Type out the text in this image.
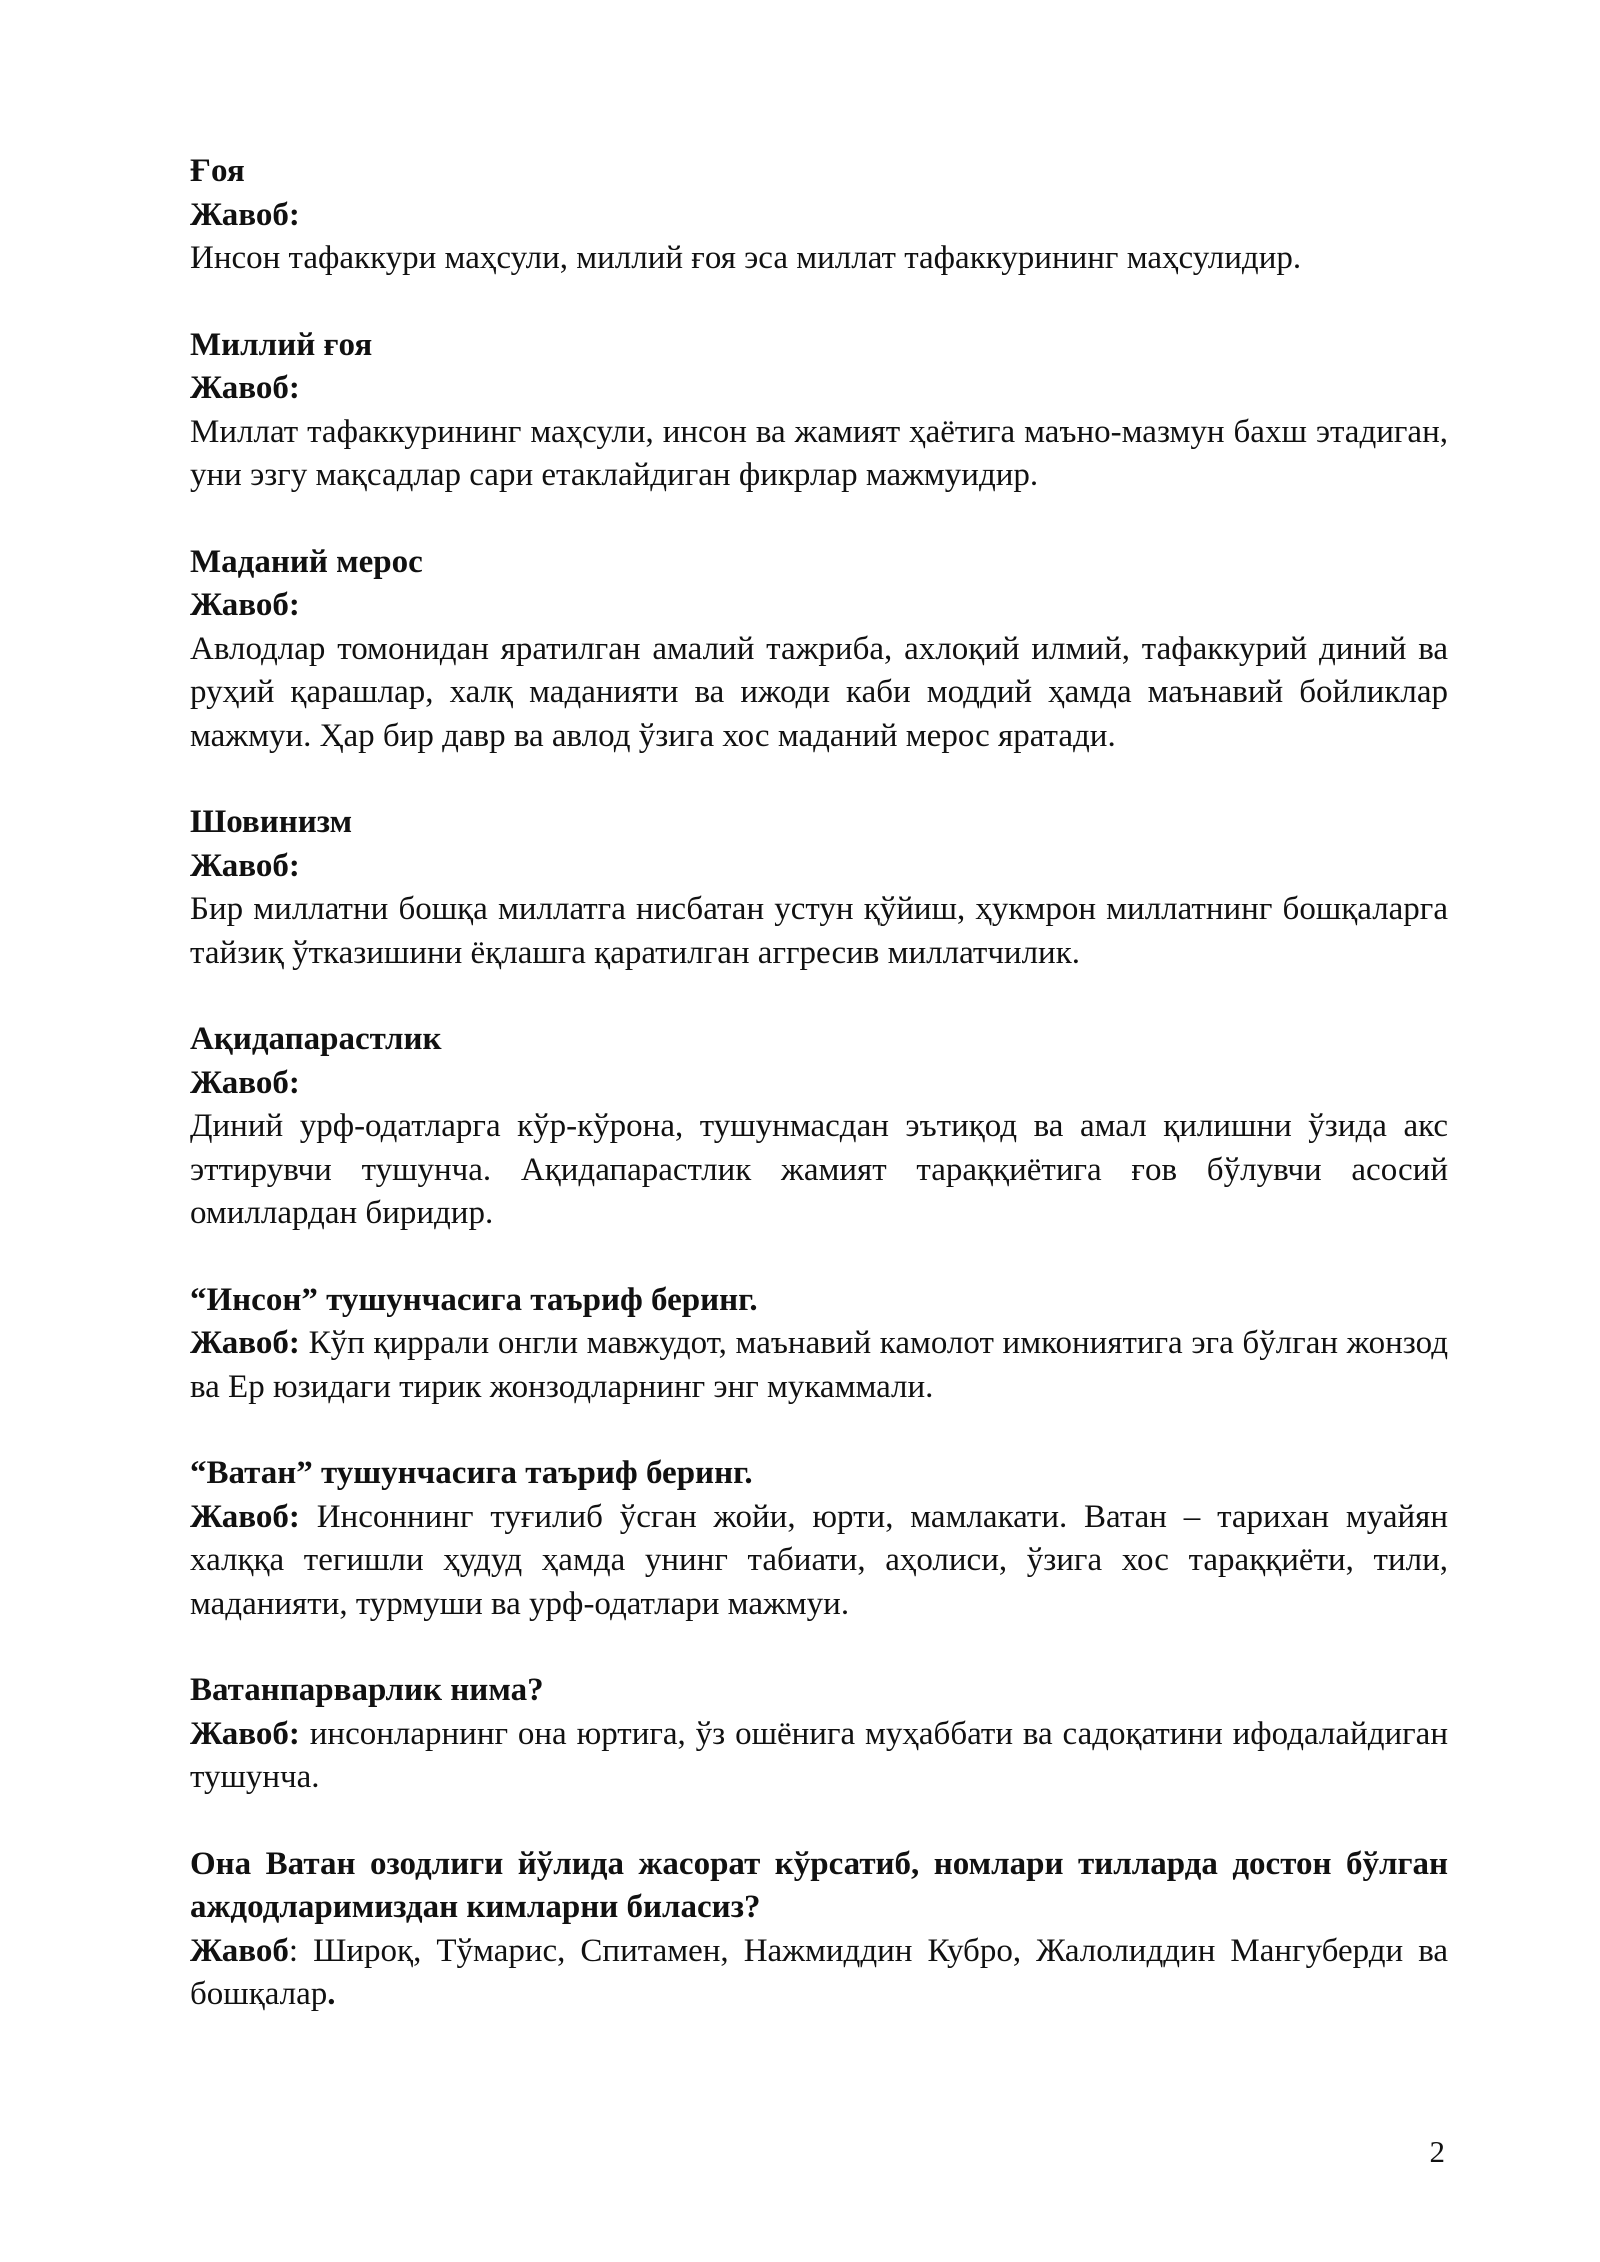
Ғоя

Жавоб:

Инсон тафаккури маҳсули, миллий ғоя эса миллат тафаккурининг маҳсулидир.

Миллий ғоя

Жавоб:

Миллат тафаккурининг маҳсули, инсон ва жамият ҳаётига маъно-мазмун бахш этадиган, уни эзгу мақсадлар сари етаклайдиган фикрлар мажмуидир.

Маданий мерос

Жавоб:

Авлодлар томонидан яратилган амалий тажриба, ахлоқий илмий, тафаккурий диний ва руҳий қарашлар, халқ маданияти ва ижоди каби моддий ҳамда маънавий бойликлар мажмуи. Ҳар бир давр ва авлод ўзига хос маданий мерос яратади.

Шовинизм

Жавоб:

Бир миллатни бошқа миллатга нисбатан устун қўйиш, ҳукмрон миллатнинг бошқаларга тайзиқ ўтказишини ёқлашга қаратилган аггресив миллатчилик.

Ақидапарастлик

Жавоб:

Диний урф-одатларга кўр-кўрона, тушунмасдан эътиқод ва амал қилишни ўзида акс эттирувчи тушунча. Ақидапарастлик жамият тараққиётига ғов бўлувчи асосий омиллардан биридир.

“Инсон” тушунчасига таъриф беринг.

Жавоб: Кўп қиррали онгли мавжудот, маънавий камолот имкониятига эга бўлган жонзод ва Ер юзидаги тирик жонзодларнинг энг мукаммали.

“Ватан” тушунчасига таъриф беринг.

Жавоб: Инсоннинг туғилиб ўсган жойи, юрти, мамлакати. Ватан – тарихан муайян халққа тегишли ҳудуд ҳамда унинг табиати, аҳолиси, ўзига хос тараққиёти, тили, маданияти, турмуши ва урф-одатлари мажмуи.

Ватанпарварлик нима?

Жавоб: инсонларнинг она юртига, ўз ошёнига муҳаббати ва садоқатини ифодалайдиган тушунча.

Она Ватан озодлиги йўлида жасорат кўрсатиб, номлари тилларда достон бўлган аждодларимиздан кимларни биласиз?

Жавоб: Широқ, Тўмарис, Спитамен, Нажмиддин Кубро, Жалолиддин Мангуберди ва бошқалар.

2
